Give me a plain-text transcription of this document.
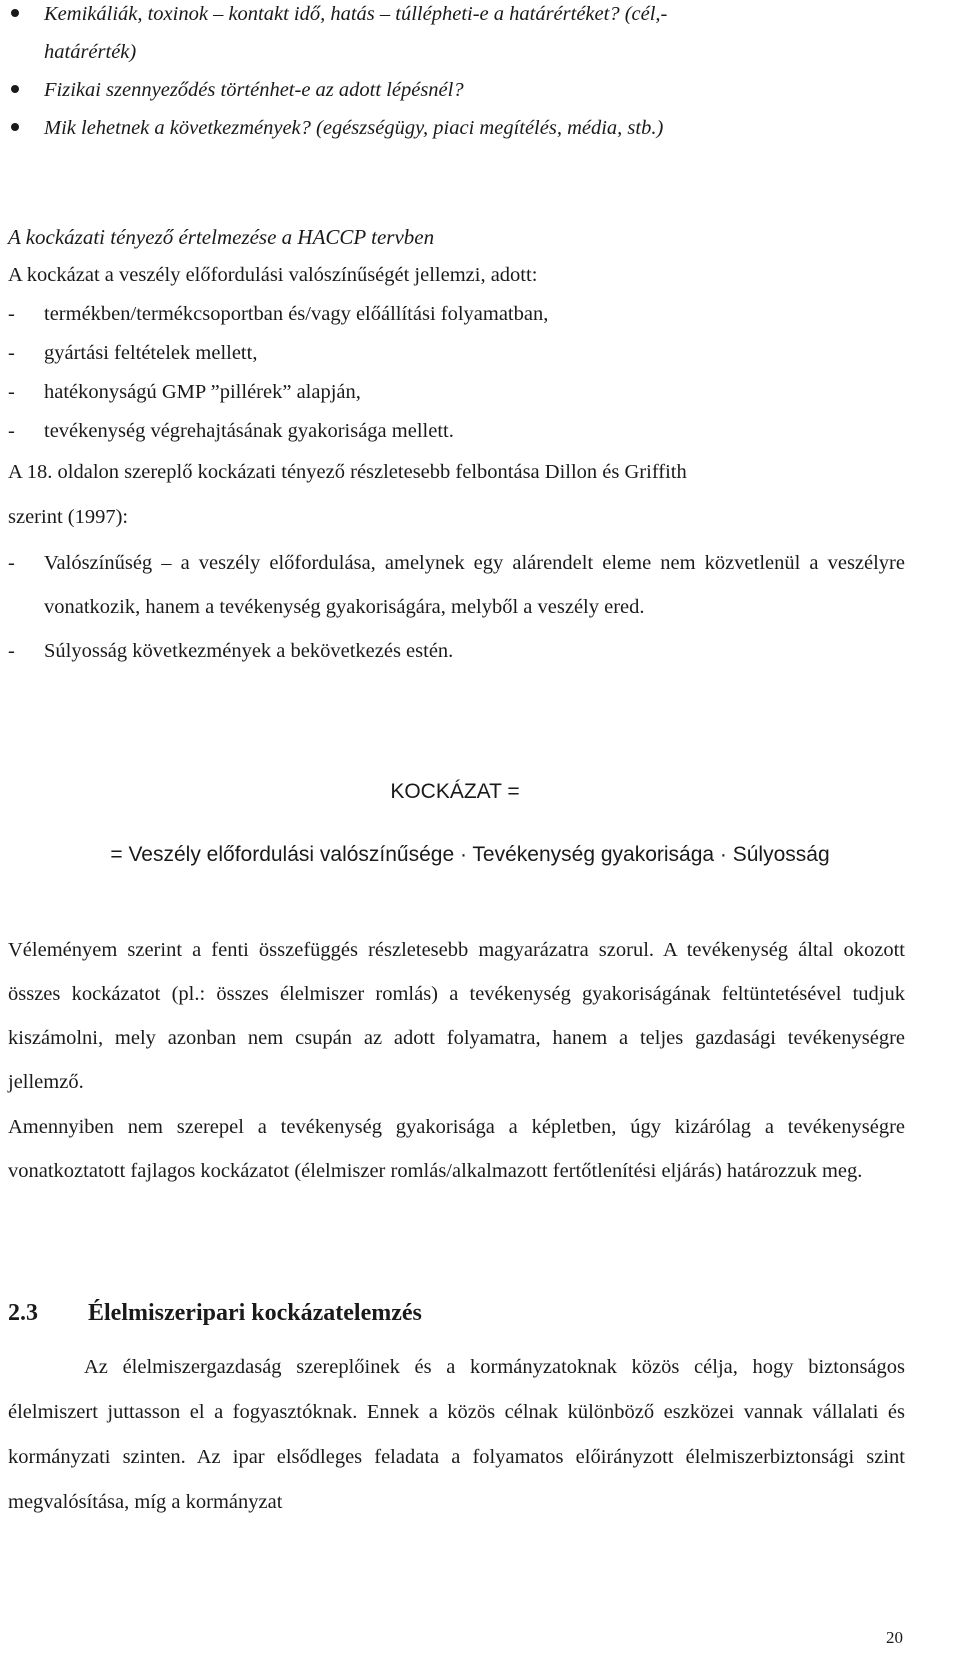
Kemikáliák, toxinok – kontakt idő, hatás – túllépheti-e a határértéket? (cél,-
határérték)
Fizikai szennyeződés történhet-e az adott lépésnél?
Mik lehetnek a következmények? (egészségügy, piaci megítélés, média, stb.)
A kockázati tényező értelmezése a HACCP tervben
A kockázat a veszély előfordulási valószínűségét jellemzi, adott:
- termékben/termékcsoportban és/vagy előállítási folyamatban,
- gyártási feltételek mellett,
- hatékonyságú GMP ”pillérek” alapján,
- tevékenység végrehajtásának gyakorisága mellett.
A 18. oldalon szereplő kockázati tényező részletesebb felbontása Dillon és Griffith
szerint (1997):
- Valószínűség – a veszély előfordulása, amelynek egy alárendelt eleme nem közvetlenül a veszélyre vonatkozik, hanem a tevékenység gyakoriságára, melyből a veszély ered.
- Súlyosság következmények a bekövetkezés estén.
KOCKÁZAT =
= Veszély előfordulási valószínűsége · Tevékenység gyakorisága · Súlyosság
Véleményem szerint a fenti összefüggés részletesebb magyarázatra szorul. A tevékenység által okozott összes kockázatot (pl.: összes élelmiszer romlás) a tevékenység gyakoriságának feltüntetésével tudjuk kiszámolni, mely azonban nem csupán az adott folyamatra, hanem a teljes gazdasági tevékenységre jellemző.
Amennyiben nem szerepel a tevékenység gyakorisága a képletben, úgy kizárólag a tevékenységre vonatkoztatott fajlagos kockázatot (élelmiszer romlás/alkalmazott fertőtlenítési eljárás) határozzuk meg.
2.3 Élelmiszeripari kockázatelemzés
Az élelmiszergazdaság szereplőinek és a kormányzatoknak közös célja, hogy biztonságos élelmiszert juttasson el a fogyasztóknak. Ennek a közös célnak különböző eszközei vannak vállalati és kormányzati szinten. Az ipar elsődleges feladata a folyamatos előirányzott élelmiszerbiztonsági szint megvalósítása, míg a kormányzat
20
